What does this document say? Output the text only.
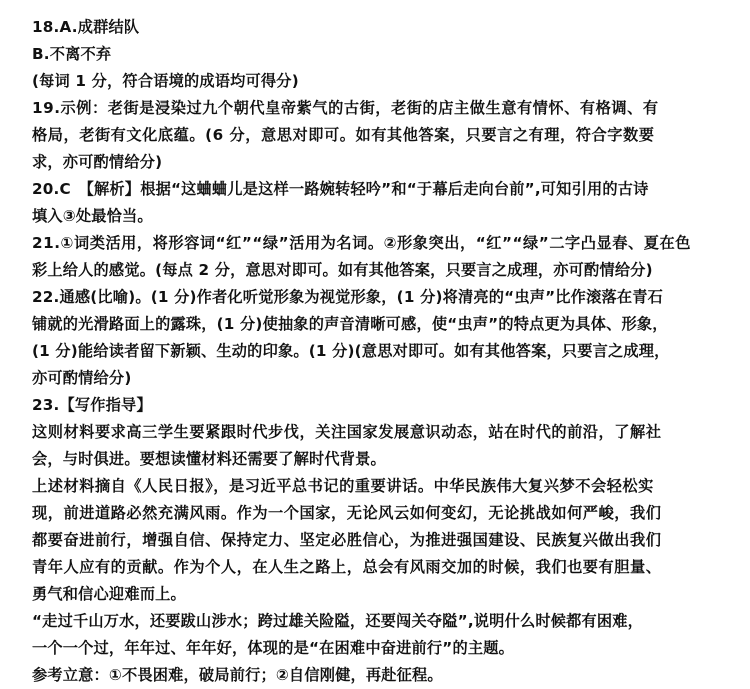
18.A.成群结队
B.不离不弃
(每词 1 分，符合语境的成语均可得分)
19.示例：老街是浸染过九个朝代皇帝紫气的古街，老街的店主做生意有情怀、有格调、有
格局，老街有文化底蕴。(6 分，意思对即可。如有其他答案，只要言之有理，符合字数要
求，亦可酌情给分)
20.C　【解析】根据“这蛐蛐儿是这样一路婉转轻吟”和“于幕后走向台前”,可知引用的古诗
填入③处最恰当。
21.①词类活用，将形容词“红”“绿”活用为名词。②形象突出，“红”“绿”二字凸显春、夏在色
彩上给人的感觉。(每点 2 分，意思对即可。如有其他答案，只要言之成理，亦可酌情给分)
22.通感(比喻)。(1 分)作者化听觉形象为视觉形象，(1 分)将清亮的“虫声”比作滚落在青石
铺就的光滑路面上的露珠，(1 分)使抽象的声音清晰可感，使“虫声”的特点更为具体、形象，
(1 分)能给读者留下新颖、生动的印象。(1 分)(意思对即可。如有其他答案，只要言之成理，
亦可酌情给分)
23.【写作指导】
这则材料要求高三学生要紧跟时代步伐，关注国家发展意识动态，站在时代的前沿，了解社
会，与时俱进。要想读懂材料还需要了解时代背景。
上述材料摘自《人民日报》，是习近平总书记的重要讲话。中华民族伟大复兴梦不会轻松实
现，前进道路必然充满风雨。作为一个国家，无论风云如何变幻，无论挑战如何严峻，我们
都要奋进前行，增强自信、保持定力、坚定必胜信心，为推进强国建设、民族复兴做出我们
青年人应有的贡献。作为个人，在人生之路上，总会有风雨交加的时候，我们也要有胆量、
勇气和信心迎难而上。
“走过千山万水，还要跋山涉水；跨过雄关险隘，还要闯关夺隘”,说明什么时候都有困难，
一个一个过，年年过、年年好，体现的是“在困难中奋进前行”的主题。
参考立意：①不畏困难，破局前行；②自信刚健，再赴征程。
